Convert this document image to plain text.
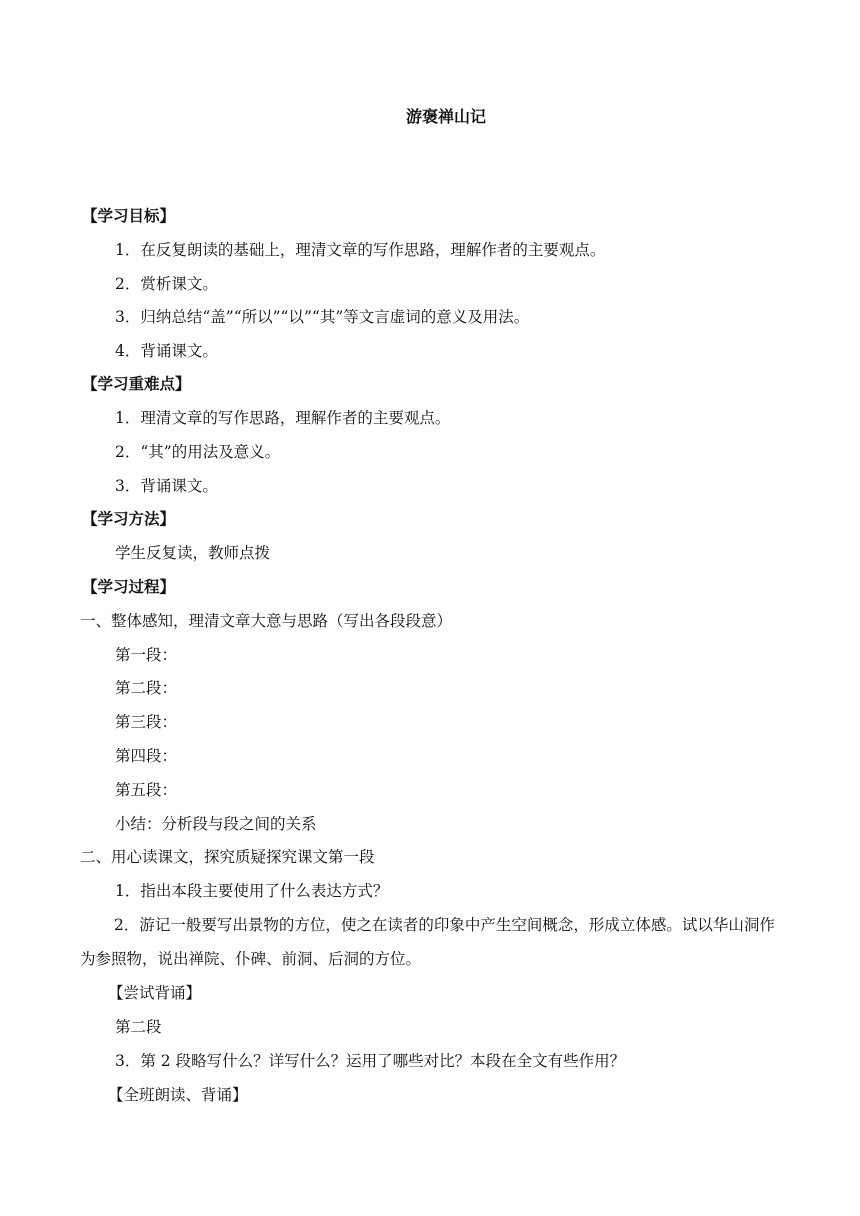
游褒禅山记
【学习目标】
1．在反复朗读的基础上，理清文章的写作思路，理解作者的主要观点。
2．赏析课文。
3．归纳总结“盖”“所以”“以”“其”等文言虚词的意义及用法。
4．背诵课文。
【学习重难点】
1．理清文章的写作思路，理解作者的主要观点。
2．“其”的用法及意义。
3．背诵课文。
【学习方法】
学生反复读，教师点拨
【学习过程】
一、整体感知，理清文章大意与思路（写出各段段意）
第一段：
第二段：
第三段：
第四段：
第五段：
小结：分析段与段之间的关系
二、用心读课文，探究质疑探究课文第一段
1．指出本段主要使用了什么表达方式？
2．游记一般要写出景物的方位，使之在读者的印象中产生空间概念，形成立体感。试以华山洞作为参照物，说出禅院、仆碑、前洞、后洞的方位。
【尝试背诵】
第二段
3．第 2 段略写什么？详写什么？运用了哪些对比？本段在全文有些作用？
【全班朗读、背诵】
